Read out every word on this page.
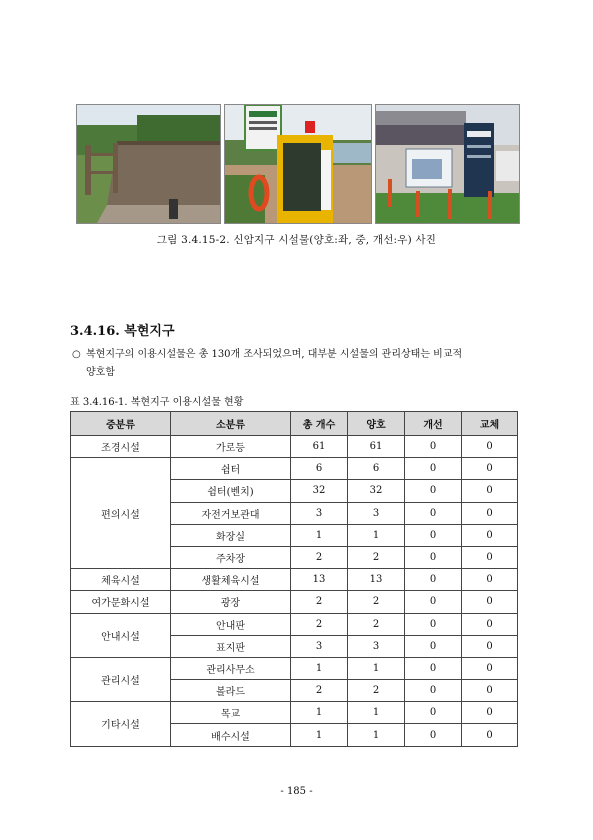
그림 3.4.15-2. 신암지구 시설물(양호:좌, 중, 개선:우) 사진
3.4.16. 복현지구
○ 복현지구의 이용시설물은 총 130개 조사되었으며, 대부분 시설물의 관리상태는 비교적
양호함
표 3.4.16-1. 복현지구 이용시설물 현황
중분류	소분류	총 개수	양호	개선	교체
조경시설	가로등	61	61	0	0
편의시설	쉼터	6	6	0	0
	쉼터(벤치)	32	32	0	0
	자전거보관대	3	3	0	0
	화장실	1	1	0	0
	주차장	2	2	0	0
체육시설	생활체육시설	13	13	0	0
여가문화시설	광장	2	2	0	0
안내시설	안내판	2	2	0	0
	표지판	3	3	0	0
관리시설	관리사무소	1	1	0	0
	볼라드	2	2	0	0
기타시설	목교	1	1	0	0
	배수시설	1	1	0	0
- 185 -
